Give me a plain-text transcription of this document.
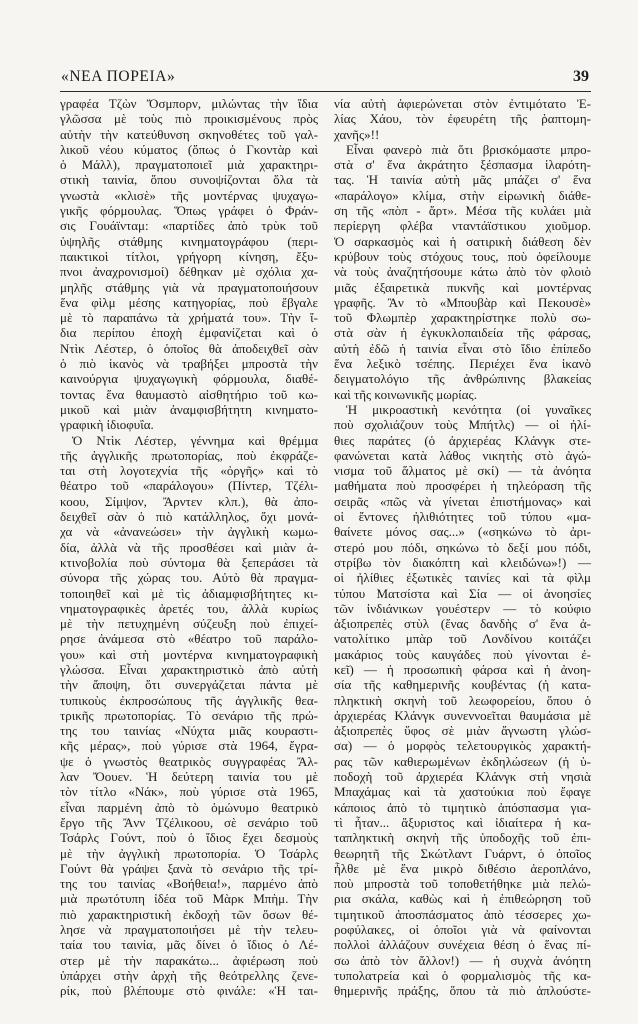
«ΝΕΑ ΠΟΡΕΙΑ»	39
γραφέα Τζὼν Ὄσμπορν, μιλώντας τὴν ἴδια
γλῶσσα μὲ τοὺς πιὸ προικισμένους πρὸς
αὐτὴν τὴν κατεύθυνση σκηνοθέτες τοῦ γαλ-
λικοῦ νέου κύματος (ὅπως ὁ Γκοντὰρ καὶ
ὁ Μάλλ), πραγματοποιεῖ μιὰ χαρακτηρι-
στικὴ ταινία, ὅπου συνοψίζονται ὅλα τὰ
γνωστὰ «κλισὲ» τῆς μοντέρνας ψυχαγω-
γικῆς φόρμουλας. Ὅπως γράφει ὁ Φράν-
σις Γουάϊνταμ: «παρτίδες ἀπὸ τρὺκ τοῦ
ὑψηλῆς στάθμης κινηματογράφου (περι-
παικτικοὶ τίτλοι, γρήγορη κίνηση, ἔξυ-
πνοι ἀναχρονισμοί) δέθηκαν μὲ σχόλια χα-
μηλῆς στάθμης γιὰ νὰ πραγματοποιήσουν
ἕνα φὶλμ μέσης κατηγορίας, ποὺ ἔβγαλε
μὲ τὸ παραπάνω τὰ χρήματά του». Τὴν ἴ-
δια περίπου ἐποχὴ ἐμφανίζεται καὶ ὁ
Ντὶκ Λέστερ, ὁ ὁποῖος θὰ ἀποδειχθεῖ σὰν
ὁ πιὸ ἱκανὸς νὰ τραβήξει μπροστὰ τὴν
καινούργια ψυχαγωγικὴ φόρμουλα, διαθέ-
τοντας ἕνα θαυμαστὸ αἰσθητήριο τοῦ κω-
μικοῦ καὶ μιὰν ἀναμφισβήτητη κινηματο-
γραφικὴ ἰδιοφυΐα.
Ὁ Ντὶκ Λέστερ, γέννημα καὶ θρέμμα
τῆς ἀγγλικῆς πρωτοπορίας, ποὺ ἐκφράζε-
ται στὴ λογοτεχνία τῆς «ὀργῆς» καὶ τὸ
θέατρο τοῦ «παράλογου» (Πίντερ, Τζέλι-
κοου, Σίμψον, Ἄρντεν κλπ.), θὰ ἀπο-
δειχθεῖ σὰν ὁ πιὸ κατάλληλος, ὄχι μονά-
χα νὰ «ἀνανεώσει» τὴν ἀγγλικὴ κωμω-
δία, ἀλλὰ νὰ τῆς προσθέσει καὶ μιὰν ἀ-
κτινοβολία ποὺ σύντομα θὰ ξεπεράσει τὰ
σύνορα τῆς χώρας του. Αὐτὸ θὰ πραγμα-
τοποιηθεῖ καὶ μὲ τὶς ἀδιαμφισβήτητες κι-
νηματογραφικὲς ἀρετές του, ἀλλὰ κυρίως
μὲ τὴν πετυχημένη σύζευξη ποὺ ἐπιχεί-
ρησε ἀνάμεσα στὸ «θέατρο τοῦ παράλο-
γου» καὶ στὴ μοντέρνα κινηματογραφικὴ
γλώσσα. Εἶναι χαρακτηριστικὸ ἀπὸ αὐτὴ
τὴν ἄποψη, ὅτι συνεργάζεται πάντα μὲ
τυπικοὺς ἐκπροσώπους τῆς ἀγγλικῆς θεα-
τρικῆς πρωτοπορίας. Τὸ σενάριο τῆς πρώ-
της του ταινίας «Νύχτα μιᾶς κουραστι-
κῆς μέρας», ποὺ γύρισε στὰ 1964, ἔγρα-
ψε ὁ γνωστὸς θεατρικὸς συγγραφέας Ἄλ-
λαν Ὄουεν. Ἡ δεύτερη ταινία του μὲ
τὸν τίτλο «Νάκ», ποὺ γύρισε στὰ 1965,
εἶναι παρμένη ἀπὸ τὸ ὁμώνυμο θεατρικὸ
ἔργο τῆς Ἄνν Τζέλικοου, σὲ σενάριο τοῦ
Τσάρλς Γούντ, ποὺ ὁ ἴδιος ἔχει δεσμοὺς
μὲ τὴν ἀγγλικὴ πρωτοπορία. Ὁ Τσάρλς
Γούντ θὰ γράψει ξανὰ τὸ σενάριο τῆς τρί-
της του ταινίας «Βοήθεια!», παρμένο ἀπὸ
μιὰ πρωτότυπη ἰδέα τοῦ Μὰρκ Μπὴμ. Τὴν
πιὸ χαρακτηριστικὴ ἐκδοχὴ τῶν ὅσων θέ-
λησε νὰ πραγματοποιήσει μὲ τὴν τελευ-
ταία του ταινία, μᾶς δίνει ὁ ἴδιος ὁ Λέ-
στερ μὲ τὴν παρακάτω... ἀφιέρωση ποὺ
ὑπάρχει στὴν ἀρχὴ τῆς θεότρελλης ζενε-
ρίκ, ποὺ βλέπουμε στὸ φινάλε: «Ἡ ται-
νία αὐτὴ ἀφιερώνεται στὸν ἐντιμότατο Ἐ-
λίας Χάου, τὸν ἐφευρέτη τῆς ῥαπτομη-
χανῆς»!!
Εἶναι φανερὸ πιὰ ὅτι βρισκόμαστε μπρο-
στὰ σ' ἕνα ἀκράτητο ξέσπασμα ἱλαρότη-
τας. Ἡ ταινία αὐτὴ μᾶς μπάζει σ' ἕνα
«παράλογο» κλίμα, στὴν εἰρωνικὴ διάθε-
ση τῆς «πὸπ - ἄρτ». Μέσα τῆς κυλάει μιὰ
περίεργη φλέβα νταντάϊστικου χιοῦμορ.
Ὁ σαρκασμὸς καὶ ἡ σατιρικὴ διάθεση δὲν
κρύβουν τοὺς στόχους τους, ποὺ ὀφείλουμε
νὰ τοὺς ἀναζητήσουμε κάτω ἀπὸ τὸν φλοιὸ
μιᾶς ἐξαιρετικὰ πυκνῆς καὶ μοντέρνας
γραφῆς. Ἂν τὸ «Μπουβὰρ καὶ Πεκουσὲ»
τοῦ Φλωμπὲρ χαρακτηρίστηκε πολὺ σω-
στὰ σὰν ἡ ἐγκυκλοπαιδεία τῆς φάρσας,
αὐτὴ ἐδῶ ἡ ταινία εἶναι στὸ ἴδιο ἐπίπεδο
ἕνα λεξικὸ τσέπης. Περιέχει ἕνα ἱκανὸ
δειγματολόγιο τῆς ἀνθρώπινης βλακείας
καὶ τῆς κοινωνικῆς μωρίας.
Ἡ μικροαστικὴ κενότητα (οἱ γυναῖκες
ποὺ σχολιάζουν τοὺς Μπήτλς) — οἱ ἠλί-
θιες παράτες (ὁ ἀρχιερέας Κλάνγκ στε-
φανώνεται κατὰ λάθος νικητὴς στὸ ἀγώ-
νισμα τοῦ ἅλματος μὲ σκί) — τὰ ἀνόητα
μαθήματα ποὺ προσφέρει ἡ τηλεόραση τῆς
σειρᾶς «πῶς νὰ γίνεται ἐπιστήμονας» καὶ
οἱ ἔντονες ἠλιθιότητες τοῦ τύπου «μα-
θαίνετε μόνος σας...» («σηκώνω τὸ ἀρι-
στερό μου πόδι, σηκώνω τὸ δεξί μου πόδι,
στρίβω τὸν διακόπτη καὶ κλειδώνω»!) —
οἱ ἠλίθιες ἐξωτικὲς ταινίες καὶ τὰ φὶλμ
τύπου Ματσίστα καὶ Σία — οἱ ἀνοησίες
τῶν ἰνδιάνικων γουέστερν — τὸ κούφιο
ἀξιοπρεπὲς στὺλ (ἕνας δανδὴς σ' ἕνα ἀ-
νατολίτικο μπὰρ τοῦ Λονδίνου κοιτάζει
μακάριος τοὺς καυγάδες ποὺ γίνονται ἐ-
κεῖ) — ἡ προσωπικὴ φάρσα καὶ ἡ ἀνοη-
σία τῆς καθημερινῆς κουβέντας (ἡ κατα-
πληκτικὴ σκηνὴ τοῦ λεωφορείου, ὅπου ὁ
ἀρχιερέας Κλάνγκ συνεννοεῖται θαυμάσια μὲ
ἀξιοπρεπὲς ὕφος σὲ μιὰν ἄγνωστη γλώσ-
σα) — ὁ μορφὸς τελετουργικὸς χαρακτή-
ρας τῶν καθιερωμένων ἐκδηλώσεων (ἡ ὑ-
ποδοχὴ τοῦ ἀρχιερέα Κλάνγκ στὴ νησιὰ
Μπαχάμας καὶ τὰ χαστούκια ποὺ ἔφαγε
κάποιος ἀπὸ τὸ τιμητικὸ ἀπόσπασμα για-
τὶ ἦταν... ἄξυριστος καὶ ἰδιαίτερα ἡ κα-
ταπληκτικὴ σκηνὴ τῆς ὑποδοχῆς τοῦ ἐπι-
θεωρητῆ τῆς Σκώτλαντ Γυάρντ, ὁ ὁποῖος
ἦλθε μὲ ἕνα μικρὸ διθέσιο ἀεροπλάνο,
ποὺ μπροστὰ τοῦ τοποθετήθηκε μιὰ πελώ-
ρια σκάλα, καθὼς καὶ ἡ ἐπιθεώρηση τοῦ
τιμητικοῦ ἀποσπάσματος ἀπὸ τέσσερες χω-
ροφύλακες, οἱ ὁποῖοι γιὰ νὰ φαίνονται
πολλοὶ ἀλλάζουν συνέχεια θέση ὁ ἕνας πί-
σω ἀπὸ τὸν ἄλλον!) — ἡ συχνὰ ἀνόητη
τυπολατρεία καὶ ὁ φορμαλισμὸς τῆς κα-
θημερινῆς πράξης, ὅπου τὰ πιὸ ἁπλούστε-
